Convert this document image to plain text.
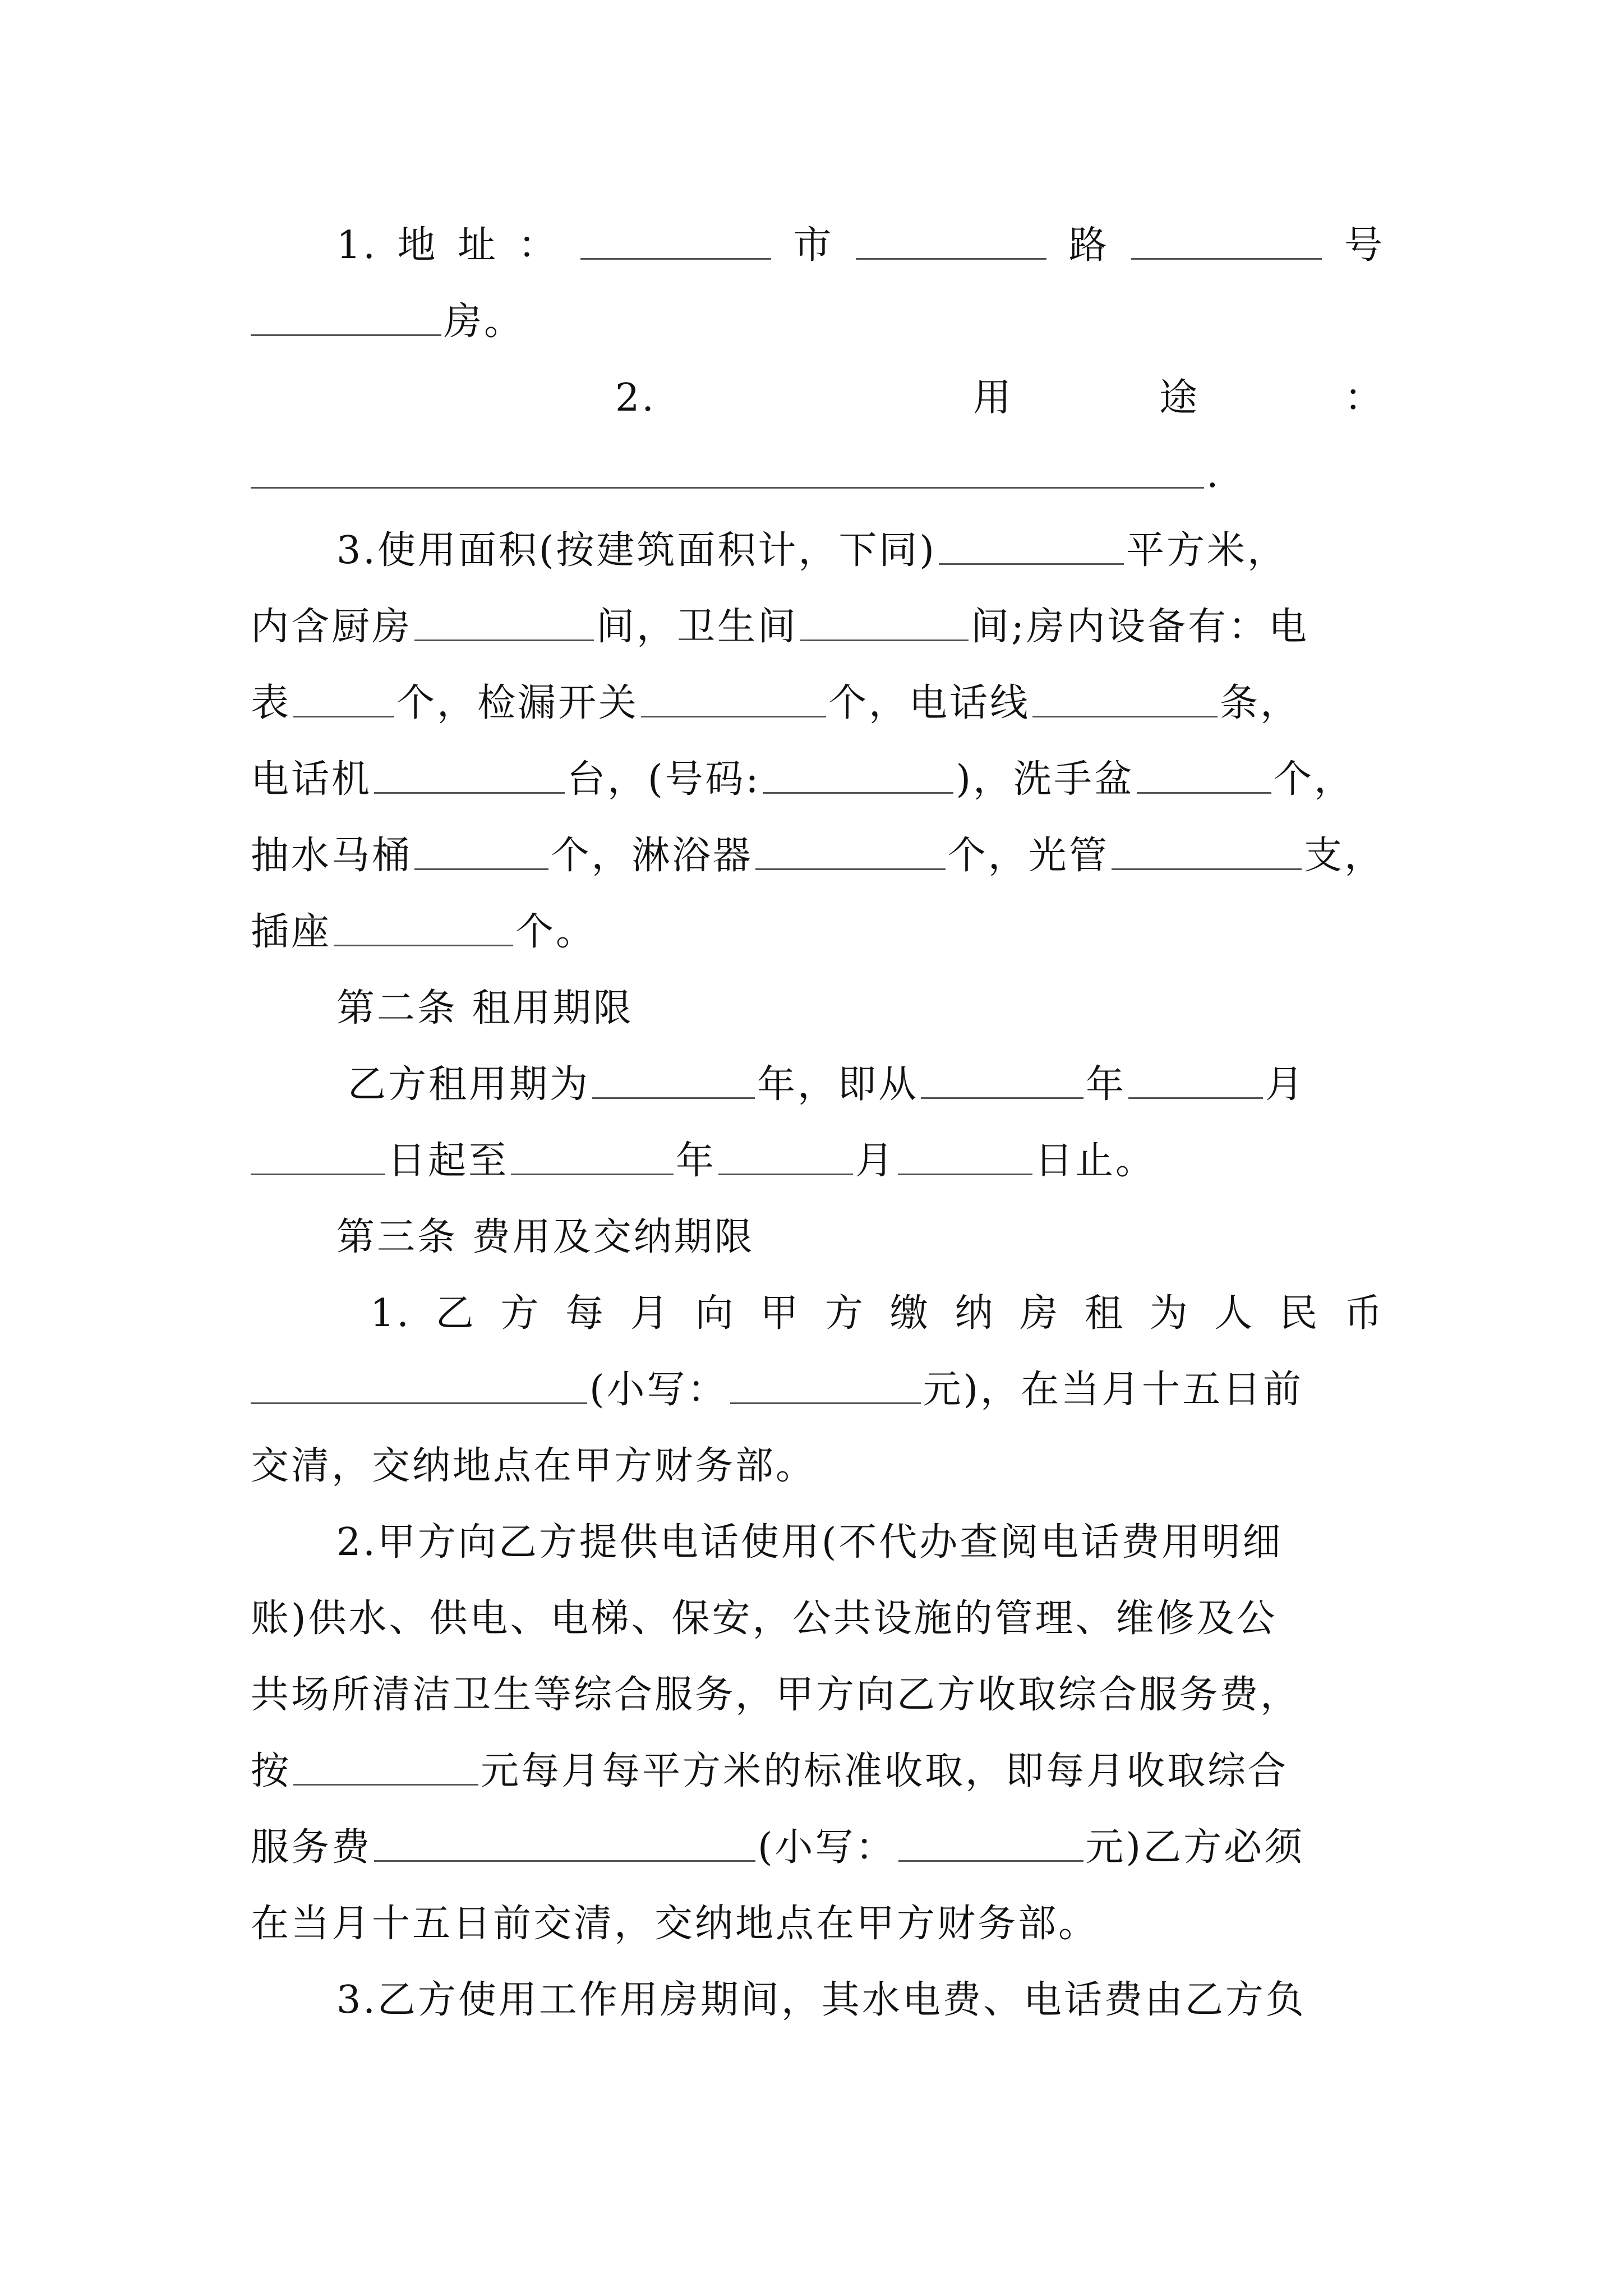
1. 地 址 ：	市	路	号
房。
2.	用	途	：
.
3.使用面积(按建筑面积计，下同)	平方米，
内含厨房	间，卫生间	间;房内设备有：电
表	个，检漏开关	个，电话线	条，
电话机	台，(号码:	)，洗手盆	个，
抽水马桶	个，淋浴器	个，光管	支，
插座	个。
第二条 租用期限
乙方租用期为	年，即从	年	月
日起至	年	月	日止。
第三条 费用及交纳期限
1. 乙 方 每 月 向 甲 方 缴 纳 房 租 为 人 民 币
(小写：	元)，在当月十五日前
交清，交纳地点在甲方财务部。
2.甲方向乙方提供电话使用(不代办查阅电话费用明细
账)供水、供电、电梯、保安，公共设施的管理、维修及公
共场所清洁卫生等综合服务，甲方向乙方收取综合服务费，
按	元每月每平方米的标准收取，即每月收取综合
服务费	(小写：	元)乙方必须
在当月十五日前交清，交纳地点在甲方财务部。
3.乙方使用工作用房期间，其水电费、电话费由乙方负
